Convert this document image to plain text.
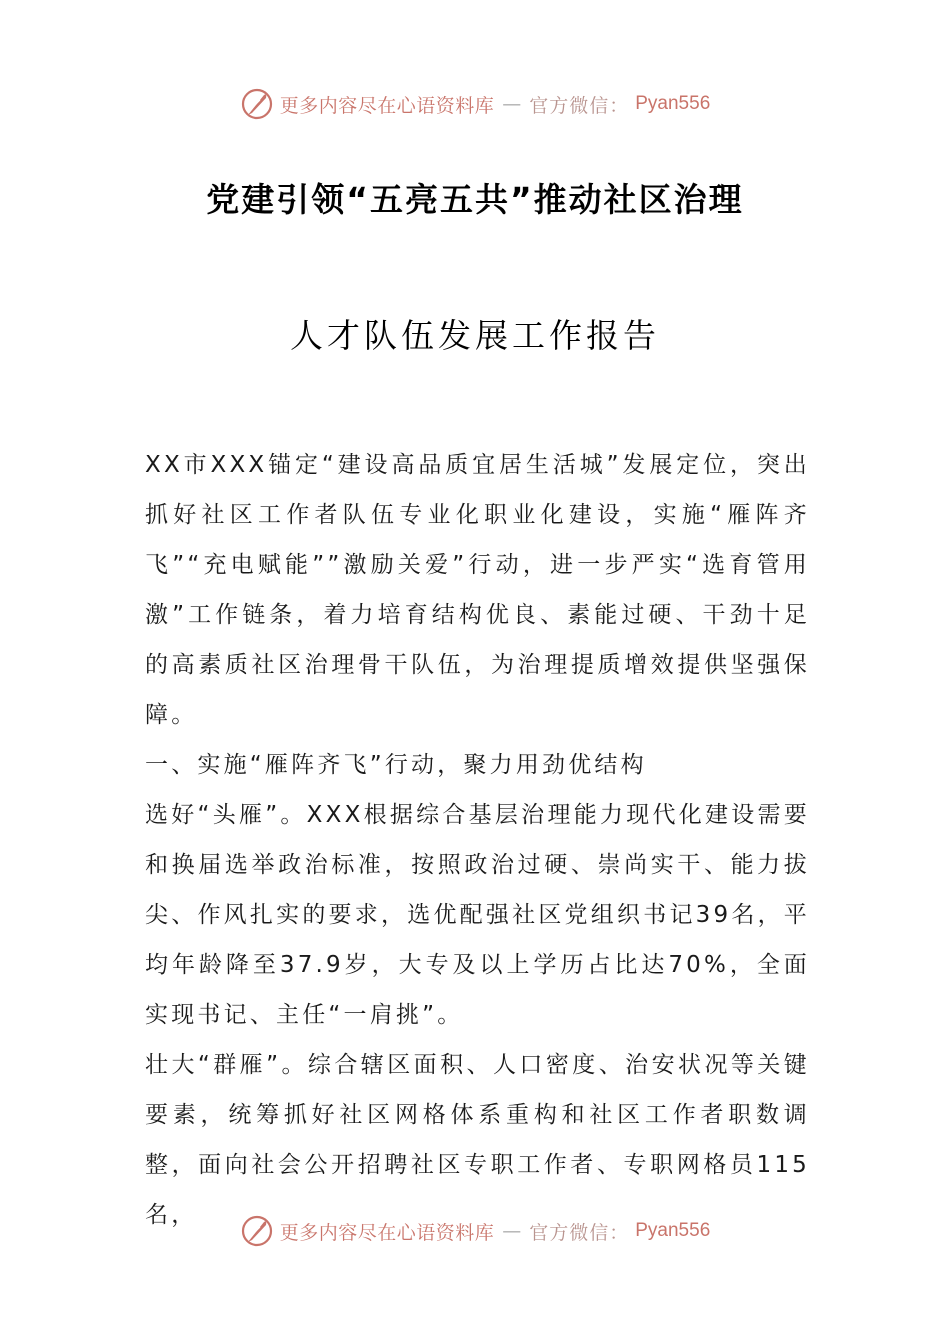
更多内容尽在心语资料库 — 官方微信： Pyan556
党建引领“五亮五共”推动社区治理
人才队伍发展工作报告

XX市XXX锚定“建设高品质宜居生活城”发展定位，突出抓好社区工作者队伍专业化职业化建设，实施“雁阵齐飞”“充电赋能””激励关爱”行动，进一步严实“选育管用激”工作链条，着力培育结构优良、素能过硬、干劲十足的高素质社区治理骨干队伍，为治理提质增效提供坚强保障。

一、实施“雁阵齐飞”行动，聚力用劲优结构

选好“头雁”。XXX根据综合基层治理能力现代化建设需要和换届选举政治标准，按照政治过硬、崇尚实干、能力拔尖、作风扎实的要求，选优配强社区党组织书记39名，平均年龄降至37.9岁，大专及以上学历占比达70%，全面实现书记、主任“一肩挑”。

壮大“群雁”。综合辖区面积、人口密度、治安状况等关键要素，统筹抓好社区网格体系重构和社区工作者职数调整，面向社会公开招聘社区专职工作者、专职网格员115名，

更多内容尽在心语资料库 — 官方微信： Pyan556
